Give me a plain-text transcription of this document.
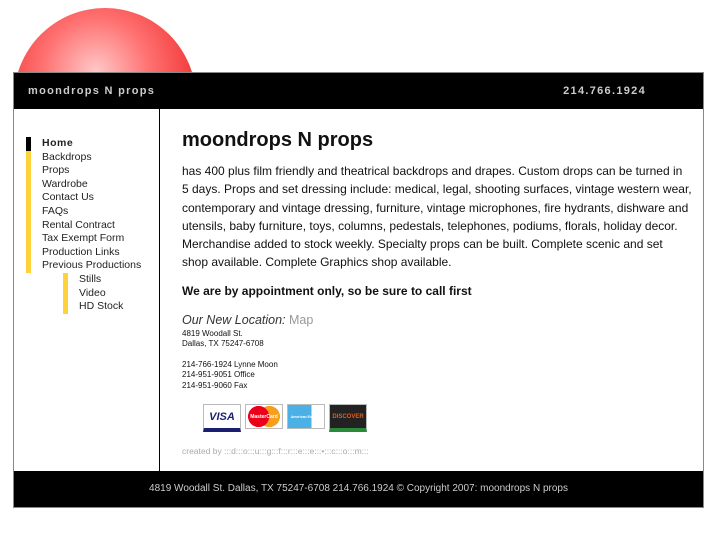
moondrops N props	214.766.1924
Home
Backdrops
Props
Wardrobe
Contact Us
FAQs
Rental Contract
Tax Exempt Form
Production Links
Previous Productions
Stills
Video
HD Stock
moondrops N props

has 400 plus film friendly and theatrical backdrops and drapes. Custom drops can be turned in 5 days. Props and set dressing include: medical, legal, shooting surfaces, vintage western wear, contemporary and vintage dressing, furniture, vintage microphones, fire hydrants, dishware and utensils, baby furniture, toys, columns, pedestals, telephones, podiums, florals, holiday decor. Merchandise added to stock weekly. Specialty props can be built. Complete scenic and set shop available. Complete Graphics shop available.

We are by appointment only, so be sure to call first
Our New Location: Map
4819 Woodall St.
Dallas, TX 75247-6708
214-766-1924 Lynne Moon
214-951-9051 Office
214-951-9060 Fax
VISA	MasterCard	American Express	DISCOVER
created by :::d:::o:::u:::g:::f:::r:::e:::e:::•:::c:::o:::m:::
4819 Woodall St. Dallas, TX 75247-6708 214.766.1924 © Copyright 2007: moondrops N props
